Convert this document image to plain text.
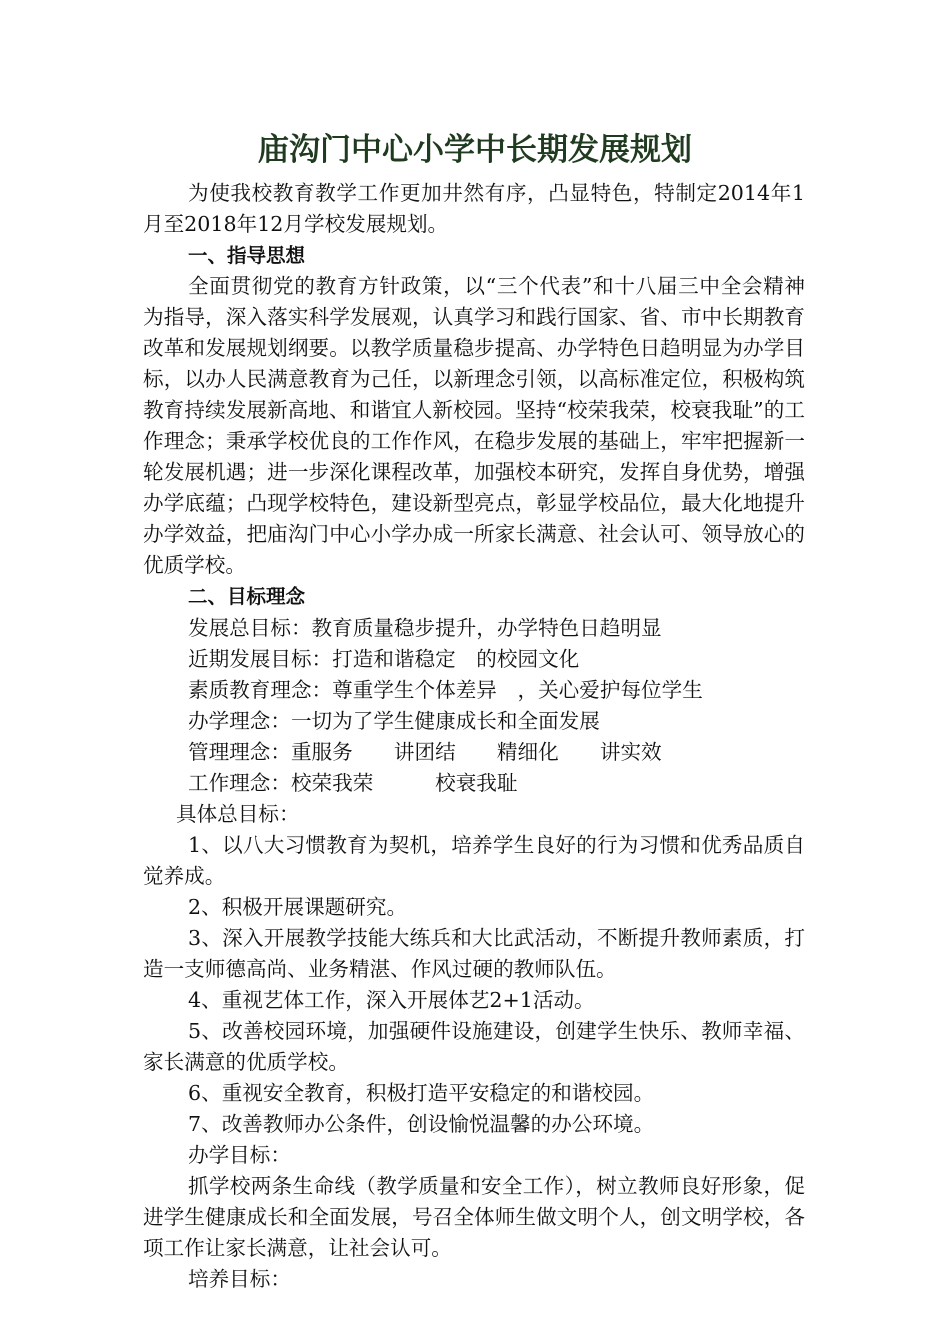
庙沟门中心小学中长期发展规划

为使我校教育教学工作更加井然有序，凸显特色，特制定2014年1月至2018年12月学校发展规划。

一、指导思想

全面贯彻党的教育方针政策，以“三个代表”和十八届三中全会精神为指导，深入落实科学发展观，认真学习和践行国家、省、市中长期教育改革和发展规划纲要。以教学质量稳步提高、办学特色日趋明显为办学目标，以办人民满意教育为己任，以新理念引领，以高标准定位，积极构筑教育持续发展新高地、和谐宜人新校园。坚持“校荣我荣，校衰我耻”的工作理念；秉承学校优良的工作作风，在稳步发展的基础上，牢牢把握新一轮发展机遇；进一步深化课程改革，加强校本研究，发挥自身优势，增强办学底蕴；凸现学校特色，建设新型亮点，彰显学校品位，最大化地提升办学效益，把庙沟门中心小学办成一所家长满意、社会认可、领导放心的优质学校。

二、目标理念

发展总目标：教育质量稳步提升，办学特色日趋明显

近期发展目标：打造和谐稳定　的校园文化

素质教育理念：尊重学生个体差异　，关心爱护每位学生

办学理念：一切为了学生健康成长和全面发展

管理理念：重服务　　讲团结　　精细化　　讲实效

工作理念：校荣我荣　　　校衰我耻

具体总目标：

1、以八大习惯教育为契机，培养学生良好的行为习惯和优秀品质自觉养成。

2、积极开展课题研究。

3、深入开展教学技能大练兵和大比武活动，不断提升教师素质，打造一支师德高尚、业务精湛、作风过硬的教师队伍。

4、重视艺体工作，深入开展体艺2+1活动。

5、改善校园环境，加强硬件设施建设，创建学生快乐、教师幸福、家长满意的优质学校。

6、重视安全教育，积极打造平安稳定的和谐校园。

7、改善教师办公条件，创设愉悦温馨的办公环境。

办学目标：

抓学校两条生命线（教学质量和安全工作），树立教师良好形象，促进学生健康成长和全面发展，号召全体师生做文明个人，创文明学校，各项工作让家长满意，让社会认可。

培养目标：
